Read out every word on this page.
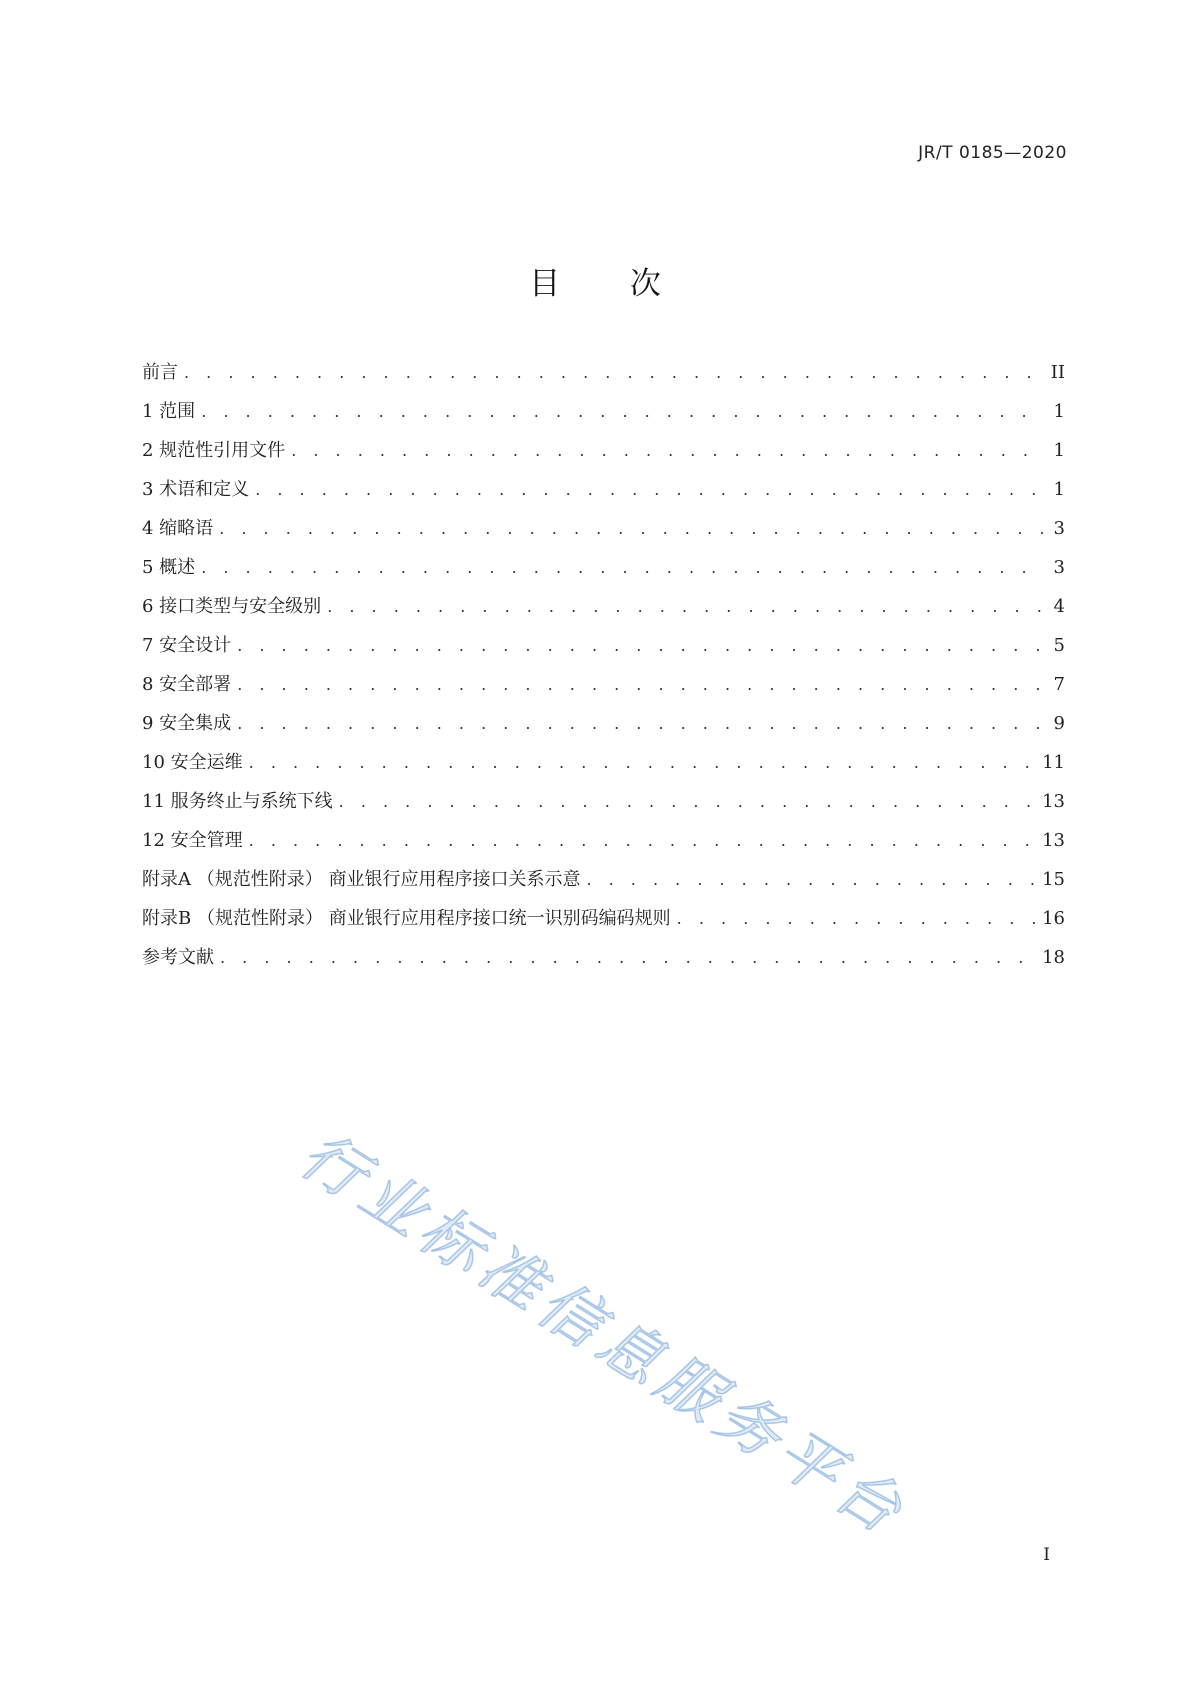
JR/T 0185—2020
目 次
前言 . . .	II
1 范围 . . .	1
2 规范性引用文件 . . .	1
3 术语和定义 . . .	1
4 缩略语 . . .	3
5 概述 . . .	3
6 接口类型与安全级别 . . .	4
7 安全设计 . . .	5
8 安全部署 . . .	7
9 安全集成 . . .	9
10 安全运维 . . .	11
11 服务终止与系统下线 . . .	13
12 安全管理 . . .	13
附录A （规范性附录） 商业银行应用程序接口关系示意 . . .	15
附录B （规范性附录） 商业银行应用程序接口统一识别码编码规则 . . .	16
参考文献 . . .	18
行业标准信息服务平台
I
